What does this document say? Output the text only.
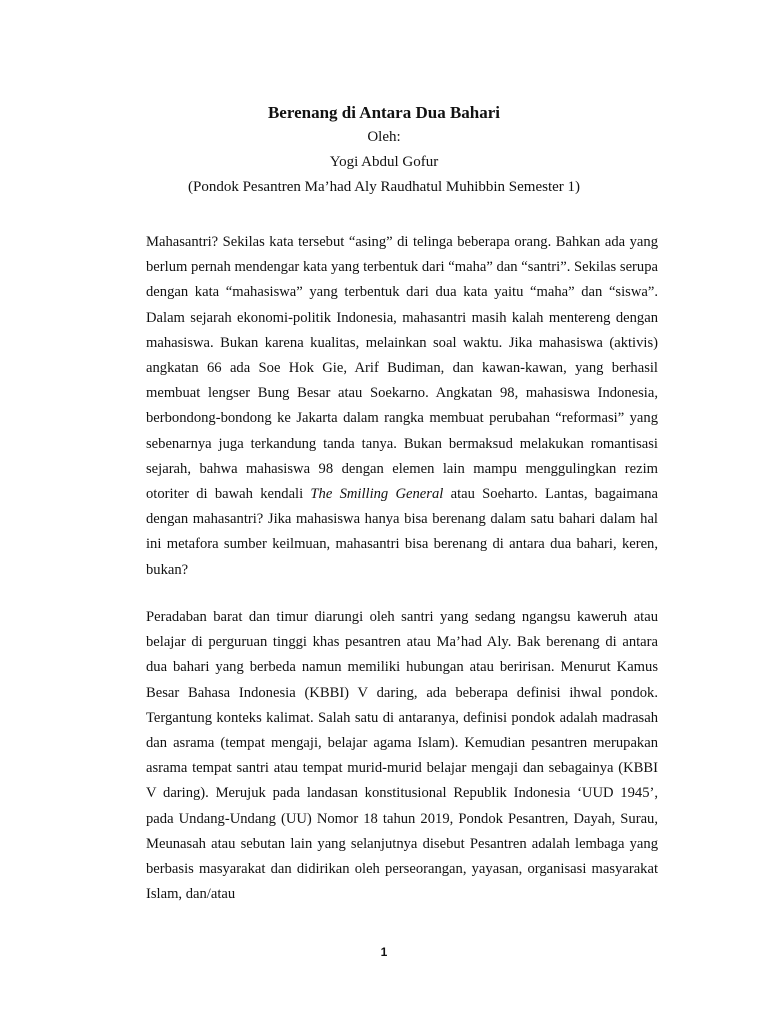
Berenang di Antara Dua Bahari

Oleh:

Yogi Abdul Gofur

(Pondok Pesantren Ma’had Aly Raudhatul Muhibbin Semester 1)

Mahasantri? Sekilas kata tersebut “asing” di telinga beberapa orang. Bahkan ada yang berlum pernah mendengar kata yang terbentuk dari “maha” dan “santri”. Sekilas serupa dengan kata “mahasiswa” yang terbentuk dari dua kata yaitu “maha” dan “siswa”. Dalam sejarah ekonomi-politik Indonesia, mahasantri masih kalah mentereng dengan mahasiswa. Bukan karena kualitas, melainkan soal waktu. Jika mahasiswa (aktivis) angkatan 66 ada Soe Hok Gie, Arif Budiman, dan kawan-kawan, yang berhasil membuat lengser Bung Besar atau Soekarno. Angkatan 98, mahasiswa Indonesia, berbondong-bondong ke Jakarta dalam rangka membuat perubahan “reformasi” yang sebenarnya juga terkandung tanda tanya. Bukan bermaksud melakukan romantisasi sejarah, bahwa mahasiswa 98 dengan elemen lain mampu menggulingkan rezim otoriter di bawah kendali The Smilling General atau Soeharto. Lantas, bagaimana dengan mahasantri? Jika mahasiswa hanya bisa berenang dalam satu bahari dalam hal ini metafora sumber keilmuan, mahasantri bisa berenang di antara dua bahari, keren, bukan?

Peradaban barat dan timur diarungi oleh santri yang sedang ngangsu kaweruh atau belajar di perguruan tinggi khas pesantren atau Ma’had Aly. Bak berenang di antara dua bahari yang berbeda namun memiliki hubungan atau beririsan. Menurut Kamus Besar Bahasa Indonesia (KBBI) V daring, ada beberapa definisi ihwal pondok. Tergantung konteks kalimat. Salah satu di antaranya, definisi pondok adalah madrasah dan asrama (tempat mengaji, belajar agama Islam). Kemudian pesantren merupakan asrama tempat santri atau tempat murid-murid belajar mengaji dan sebagainya (KBBI V daring). Merujuk pada landasan konstitusional Republik Indonesia ‘UUD 1945’, pada Undang-Undang (UU) Nomor 18 tahun 2019, Pondok Pesantren, Dayah, Surau, Meunasah atau sebutan lain yang selanjutnya disebut Pesantren adalah lembaga yang berbasis masyarakat dan didirikan oleh perseorangan, yayasan, organisasi masyarakat Islam, dan/atau

1
